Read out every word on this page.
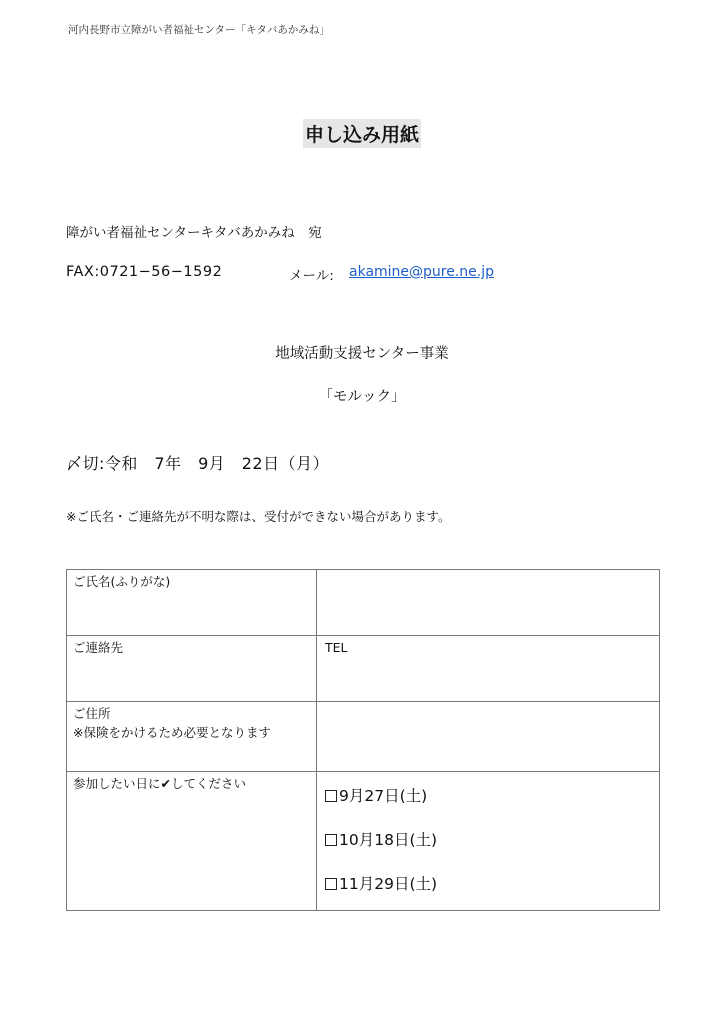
河内長野市立障がい者福祉センター「キタバあかみね」
申し込み用紙
障がい者福祉センターキタバあかみね　宛
FAX:0721−56−1592	メール: akamine@pure.ne.jp
地域活動支援センター事業
「モルック」
〆切:令和　7年　9月　22日（月）
※ご氏名・ご連絡先が不明な際は、受付ができない場合があります。
ご氏名(ふりがな)	
ご連絡先	TEL

ご住所
※保険をかけるため必要となります	

参加したい日に✔してください	9月27日(土)
10月18日(土)
11月29日(土)
